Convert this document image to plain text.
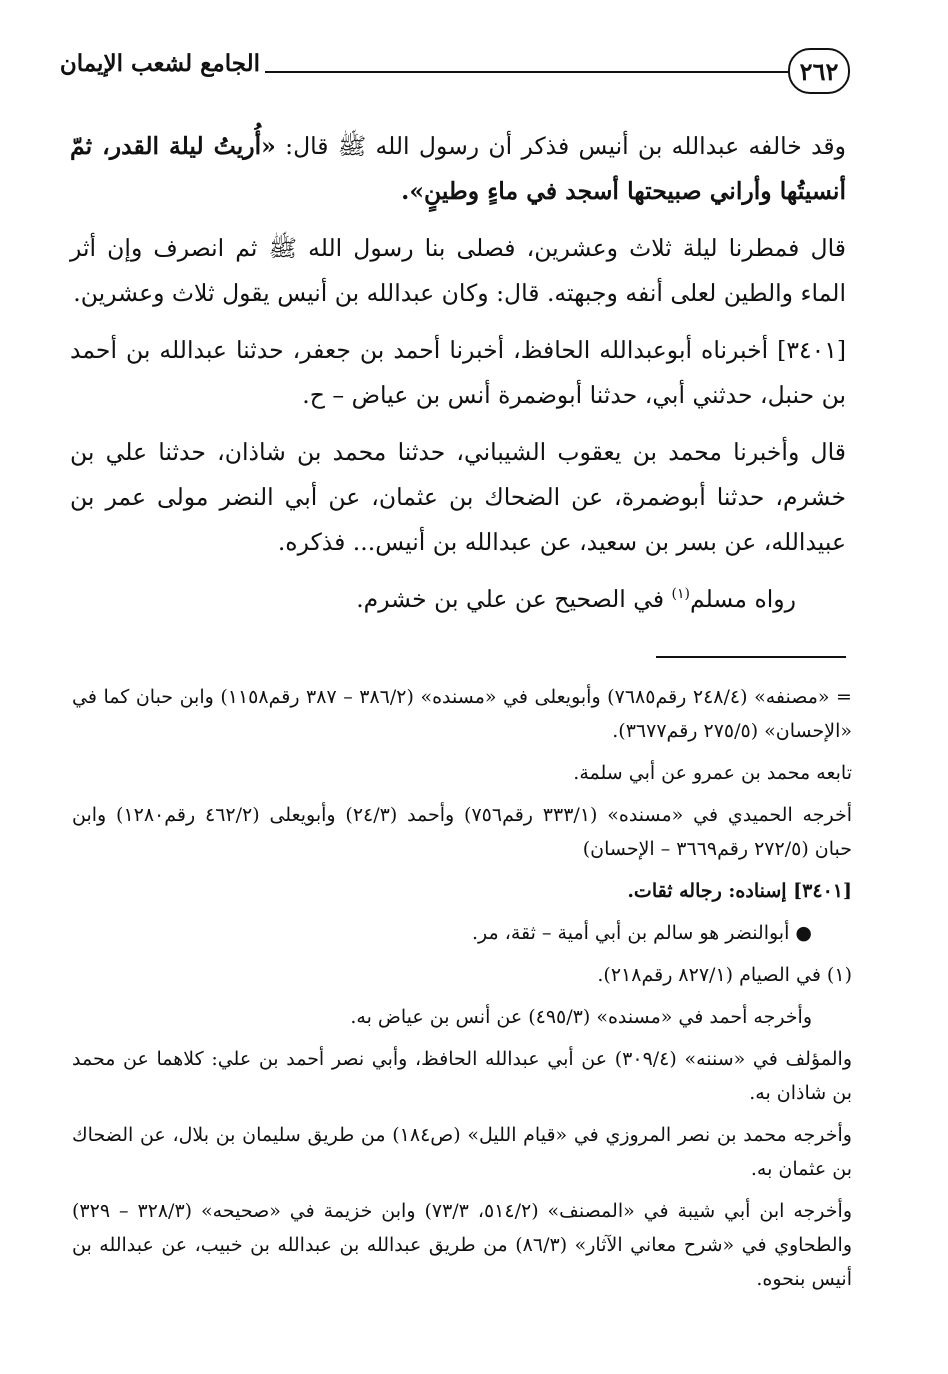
٢٦٢
الجامع لشعب الإيمان

وقد خالفه عبدالله بن أنيس فذكر أن رسول الله ﷺ قال: «أُريتُ ليلة القدر، ثمّ أنسيتُها وأراني صبيحتها أسجد في ماءٍ وطينٍ».

قال فمطرنا ليلة ثلاث وعشرين، فصلى بنا رسول الله ﷺ ثم انصرف وإن أثر الماء والطين لعلى أنفه وجبهته. قال: وكان عبدالله بن أنيس يقول ثلاث وعشرين.

[٣٤٠١] أخبرناه أبوعبدالله الحافظ، أخبرنا أحمد بن جعفر، حدثنا عبدالله بن أحمد بن حنبل، حدثني أبي، حدثنا أبوضمرة أنس بن عياض – ح.

قال وأخبرنا محمد بن يعقوب الشيباني، حدثنا محمد بن شاذان، حدثنا علي بن خشرم، حدثنا أبوضمرة، عن الضحاك بن عثمان، عن أبي النضر مولى عمر بن عبيدالله، عن بسر بن سعيد، عن عبدالله بن أنيس... فذكره.

رواه مسلم$^{(١)}$ في الصحيح عن علي بن خشرم.

= «مصنفه» (٢٤٨/٤ رقم٧٦٨٥) وأبويعلى في «مسنده» (٣٨٦/٢ – ٣٨٧ رقم١١٥٨) وابن حبان كما في «الإحسان» (٢٧٥/٥ رقم٣٦٧٧).

تابعه محمد بن عمرو عن أبي سلمة.

أخرجه الحميدي في «مسنده» (٣٣٣/١ رقم٧٥٦) وأحمد (٢٤/٣) وأبويعلى (٤٦٢/٢ رقم١٢٨٠) وابن حبان (٢٧٢/٥ رقم٣٦٦٩ – الإحسان)

[٣٤٠١] إسناده: رجاله ثقات.

● أبوالنضر هو سالم بن أبي أمية – ثقة، مر.

(١) في الصيام (٨٢٧/١ رقم٢١٨).

وأخرجه أحمد في «مسنده» (٤٩٥/٣) عن أنس بن عياض به.

والمؤلف في «سننه» (٣٠٩/٤) عن أبي عبدالله الحافظ، وأبي نصر أحمد بن علي: كلاهما عن محمد بن شاذان به.

وأخرجه محمد بن نصر المروزي في «قيام الليل» (ص١٨٤) من طريق سليمان بن بلال، عن الضحاك بن عثمان به.

وأخرجه ابن أبي شيبة في «المصنف» (٥١٤/٢، ٧٣/٣) وابن خزيمة في «صحيحه» (٣٢٨/٣ – ٣٢٩) والطحاوي في «شرح معاني الآثار» (٨٦/٣) من طريق عبدالله بن عبدالله بن خبيب، عن عبدالله بن أنيس بنحوه.
